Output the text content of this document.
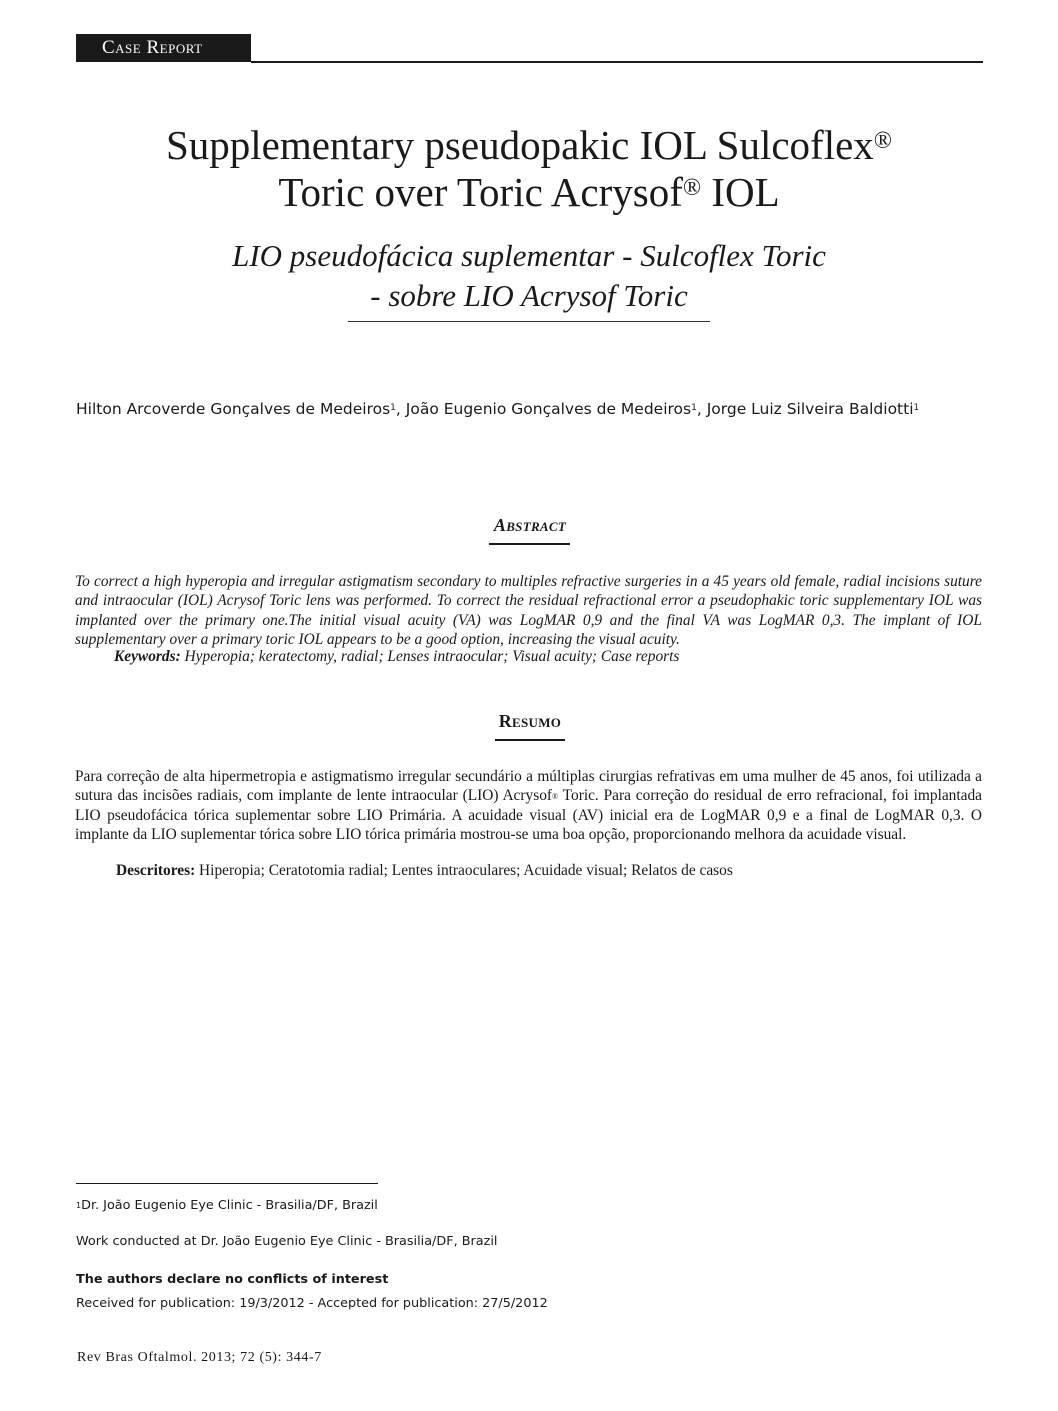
Case Report
Supplementary pseudopakic IOL Sulcoflex®
Toric over Toric Acrysof® IOL
LIO pseudofácica suplementar - Sulcoflex Toric
- sobre LIO Acrysof Toric
Hilton Arcoverde Gonçalves de Medeiros$^1$, João Eugenio Gonçalves de Medeiros$^1$, Jorge Luiz Silveira Baldiotti$^1$
Abstract
To correct a high hyperopia and irregular astigmatism secondary to multiples refractive surgeries in a 45 years old female, radial incisions suture and intraocular (IOL) Acrysof Toric lens was performed. To correct the residual refractional error a pseudophakic toric supplementary IOL was implanted over the primary one.The initial visual acuity (VA) was LogMAR 0,9 and the final VA was LogMAR 0,3. The implant of IOL supplementary over a primary toric IOL appears to be a good option, increasing the visual acuity.
Keywords: Hyperopia; keratectomy, radial; Lenses intraocular; Visual acuity; Case reports
Resumo
Para correção de alta hipermetropia e astigmatismo irregular secundário a múltiplas cirurgias refrativas em uma mulher de 45 anos, foi utilizada a sutura das incisões radiais, com implante de lente intraocular (LIO) Acrysof® Toric. Para correção do residual de erro refracional, foi implantada LIO pseudofácica tórica suplementar sobre LIO Primária. A acuidade visual (AV) inicial era de LogMAR 0,9 e a final de LogMAR 0,3. O implante da LIO suplementar tórica sobre LIO tórica primária mostrou-se uma boa opção, proporcionando melhora da acuidade visual.
Descritores: Hiperopia; Ceratotomia radial; Lentes intraoculares; Acuidade visual; Relatos de casos
$^1$Dr. João Eugenio Eye Clinic - Brasilia/DF, Brazil
Work conducted at Dr. João Eugenio Eye Clinic - Brasilia/DF, Brazil
The authors declare no conflicts of interest
Received for publication: 19/3/2012 - Accepted for publication: 27/5/2012
Rev Bras Oftalmol. 2013; 72 (5): 344-7
